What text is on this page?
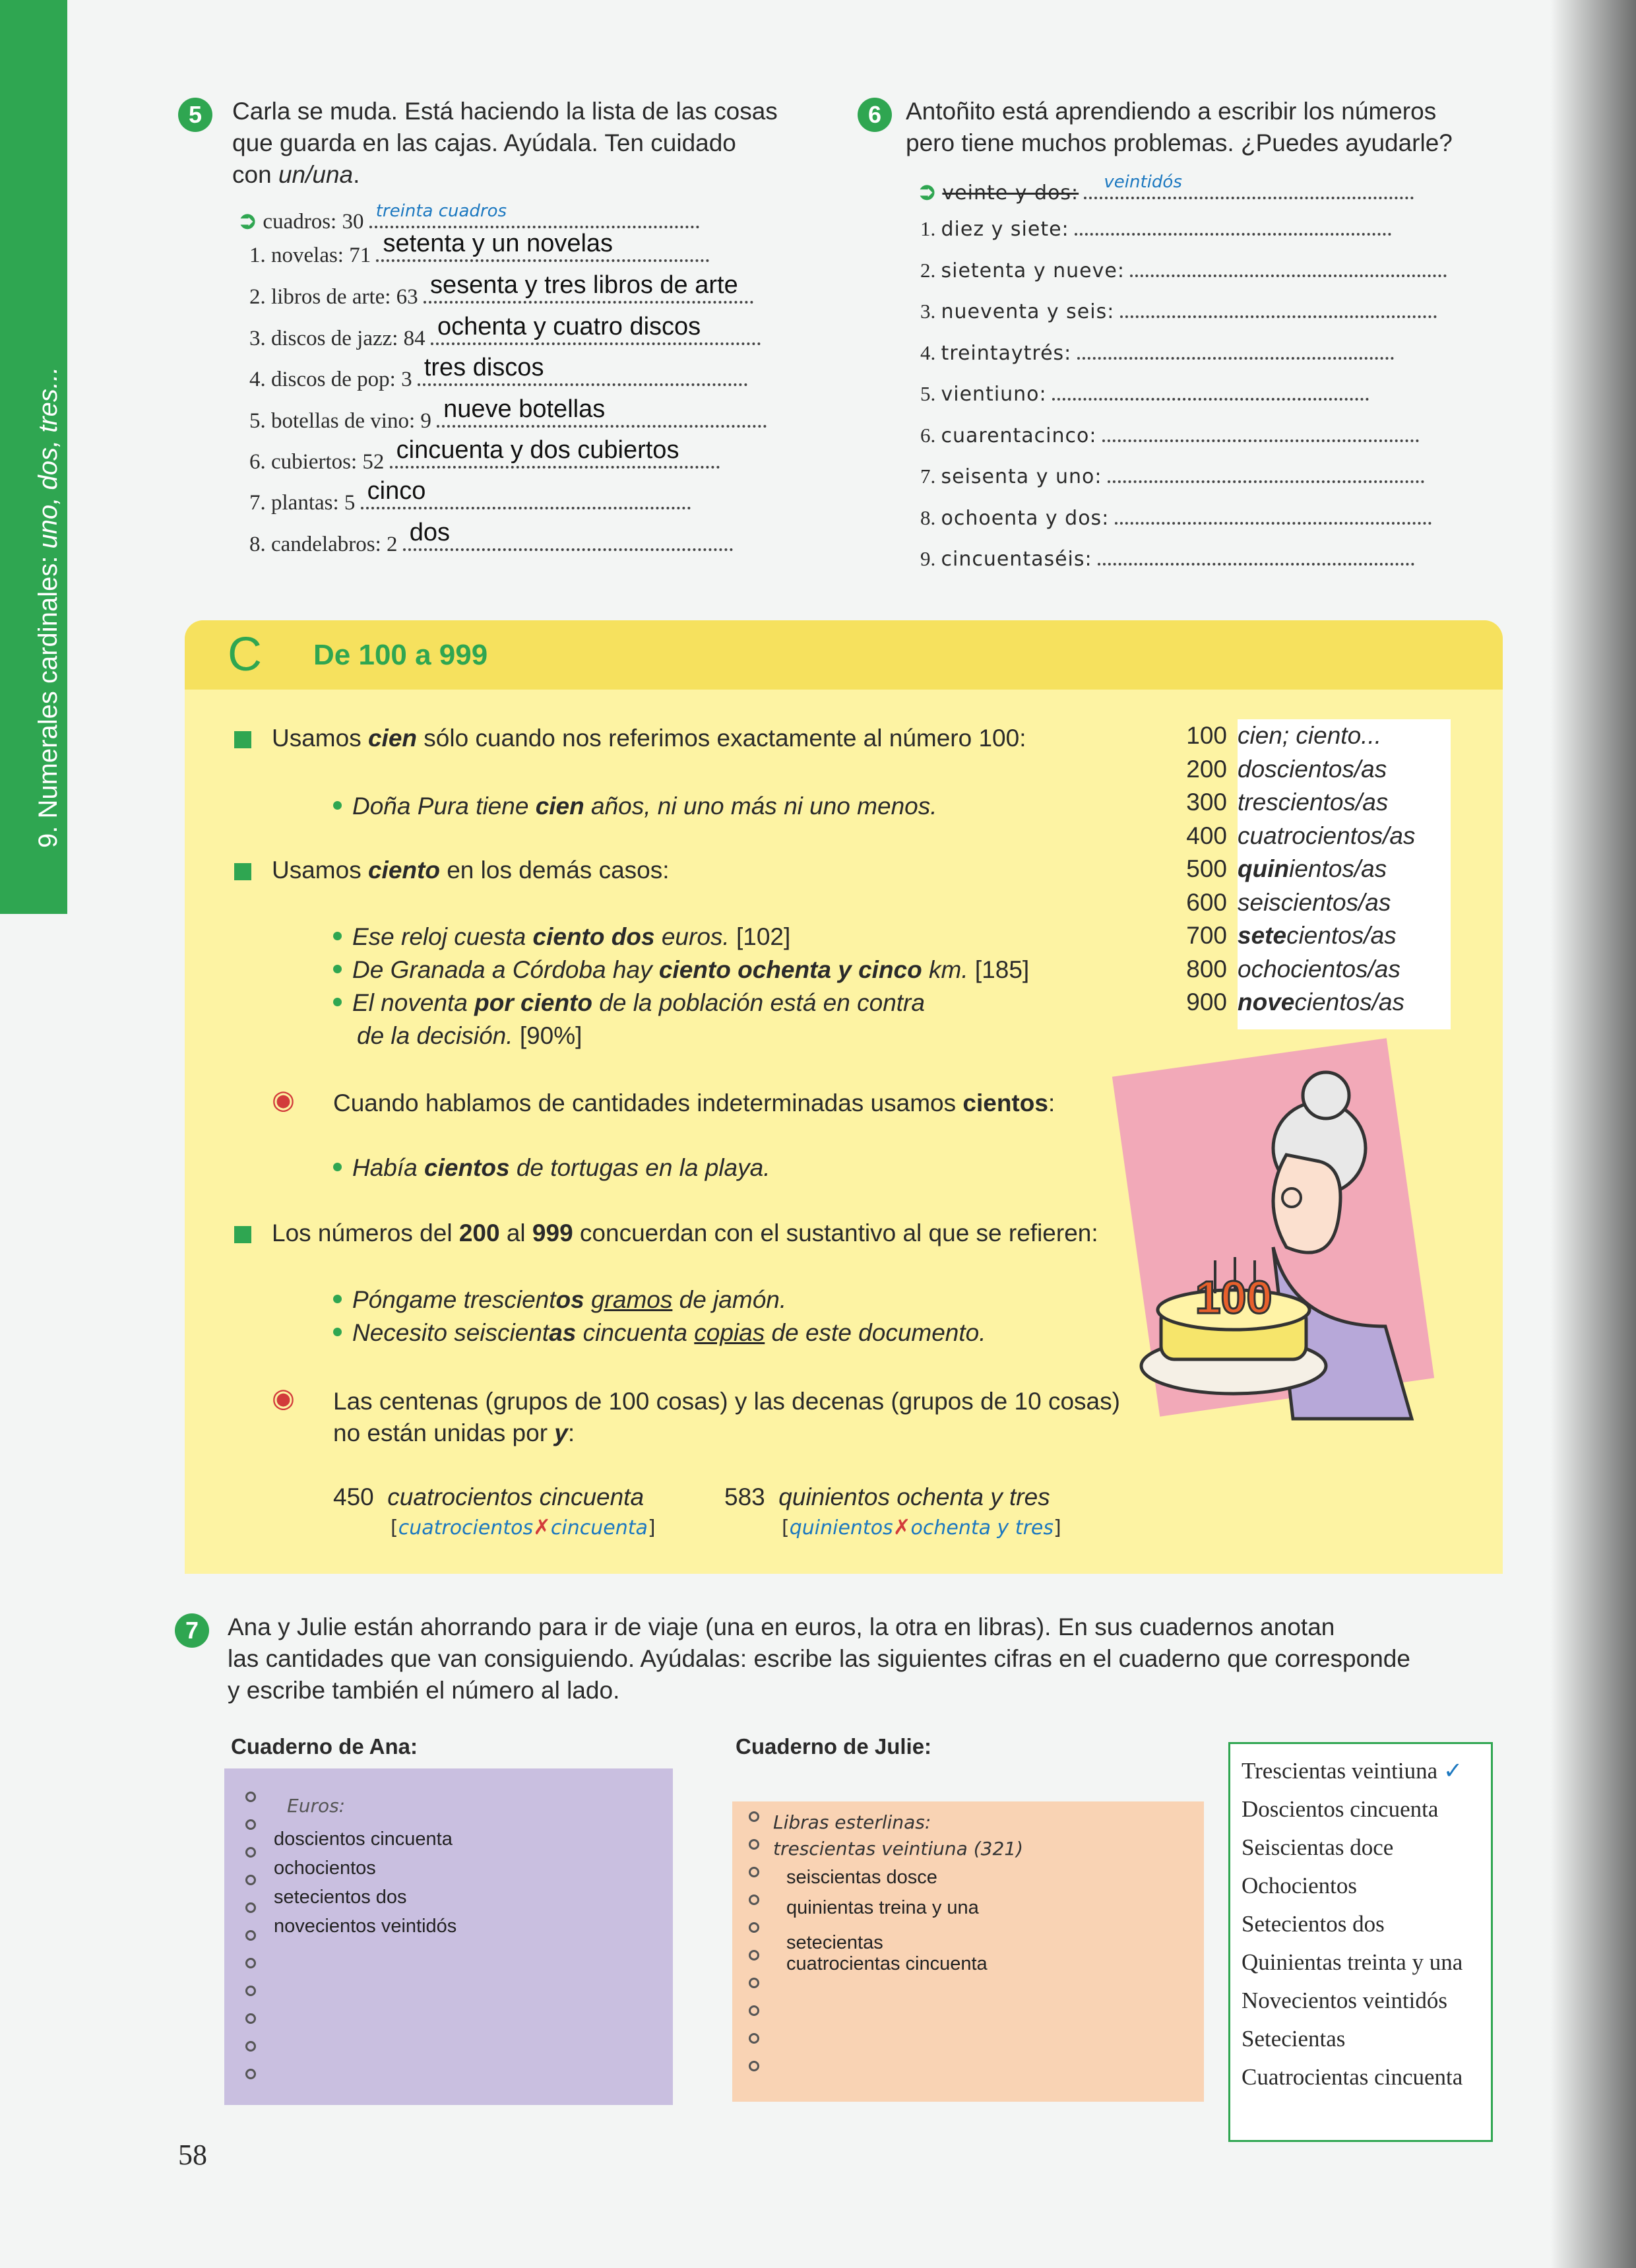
9. Numerales cardinales: uno, dos, tres...
5	Carla se muda. Está haciendo la lista de las cosas
que guarda en las cajas. Ayúdala. Ten cuidado
con un/una.
➲ cuadros: 30 treinta cuadros
1. novelas: 71 setenta y un novelas
2. libros de arte: 63 sesenta y tres libros de arte
3. discos de jazz: 84 ochenta y cuatro discos
4. discos de pop: 3 tres discos
5. botellas de vino: 9 nueve botellas
6. cubiertos: 52 cincuenta y dos cubiertos
7. plantas: 5 cinco
8. candelabros: 2 dos
6 Antoñito está aprendiendo a escribir los números
pero tiene muchos problemas. ¿Puedes ayudarle?
➲ veinte y dos: veintidós
1. diez y siete:
2. sietenta y nueve:
3. nueventa y seis:
4. treintaytrés:
5. vientiuno:
6. cuarentacinco:
7. seisenta y uno:
8. ochoenta y dos:
9. cincuentaséis:
C De 100 a 999
Usamos cien sólo cuando nos referimos exactamente al número 100:
Doña Pura tiene cien años, ni uno más ni uno menos.
Usamos ciento en los demás casos:
Ese reloj cuesta ciento dos euros. [102]
De Granada a Córdoba hay ciento ochenta y cinco km. [185]
El noventa por ciento de la población está en contra
de la decisión. [90%]
◉ Cuando hablamos de cantidades indeterminadas usamos cientos:
Había cientos de tortugas en la playa.
Los números del 200 al 999 concuerdan con el sustantivo al que se refieren:
Póngame trescientos gramos de jamón.
Necesito seiscientas cincuenta copias de este documento.
◉ Las centenas (grupos de 100 cosas) y las decenas (grupos de 10 cosas)
no están unidas por y:
450 cuatrocientos cincuenta
[cuatrocientos✗cincuenta]
583 quinientos ochenta y tres
[quinientos✗ochenta y tres]
100 cien; ciento...
200 doscientos/as
300 trescientos/as
400 cuatrocientos/as
500 quinientos/as
600 seiscientos/as
700 setecientos/as
800 ochocientos/as
900 novecientos/as
100
7	Ana y Julie están ahorrando para ir de viaje (una en euros, la otra en libras). En sus cuadernos anotan
las cantidades que van consiguiendo. Ayúdalas: escribe las siguientes cifras en el cuaderno que corresponde
y escribe también el número al lado.
Cuaderno de Ana:	Cuaderno de Julie:
Euros:
doscientos cincuenta
ochocientos
setecientos dos
novecientos veintidós
Libras esterlinas:
trescientas veintiuna (321)
seiscientas dosce
quinientas treina y una
setecientas
cuatrocientas cincuenta
Trescientas veintiuna ✓
Doscientos cincuenta
Seiscientas doce
Ochocientos
Setecientos dos
Quinientas treinta y una
Novecientos veintidós
Setecientas
Cuatrocientas cincuenta
58
